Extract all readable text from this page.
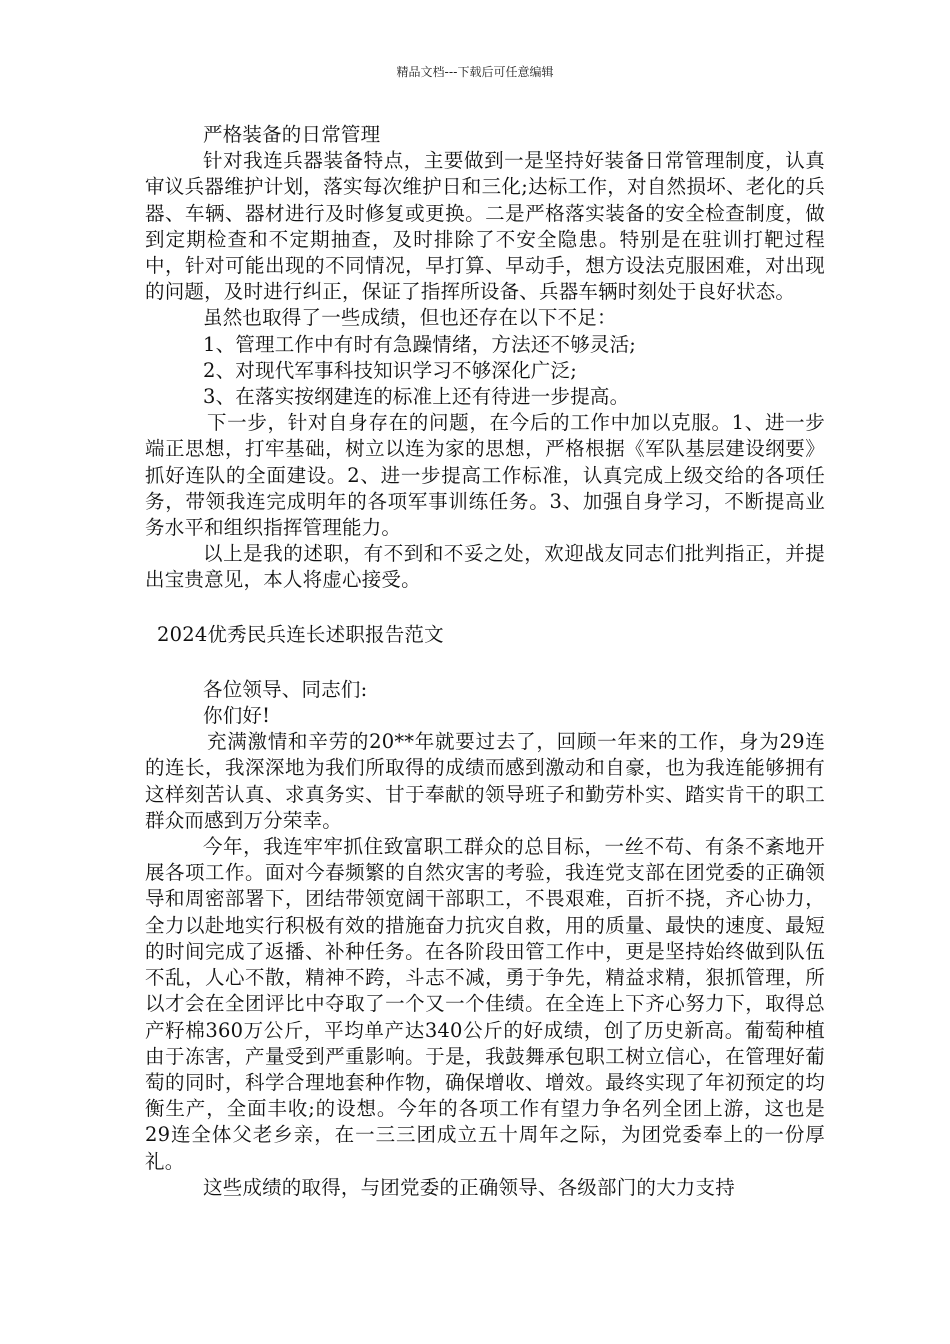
精品文档---下载后可任意编辑

严格装备的日常管理

针对我连兵器装备特点，主要做到一是坚持好装备日常管理制度，认真审议兵器维护计划，落实每次维护日和三化;达标工作，对自然损坏、老化的兵器、车辆、器材进行及时修复或更换。二是严格落实装备的安全检查制度，做到定期检查和不定期抽查，及时排除了不安全隐患。特别是在驻训打靶过程中，针对可能出现的不同情况，早打算、早动手，想方设法克服困难，对出现的问题，及时进行纠正，保证了指挥所设备、兵器车辆时刻处于良好状态。

虽然也取得了一些成绩，但也还存在以下不足：

1、管理工作中有时有急躁情绪，方法还不够灵活;

2、对现代军事科技知识学习不够深化广泛;

3、在落实按纲建连的标准上还有待进一步提高。

下一步，针对自身存在的问题，在今后的工作中加以克服。1、进一步端正思想，打牢基础，树立以连为家的思想，严格根据《军队基层建设纲要》抓好连队的全面建设。2、进一步提高工作标准，认真完成上级交给的各项任务，带领我连完成明年的各项军事训练任务。3、加强自身学习，不断提高业务水平和组织指挥管理能力。

以上是我的述职，有不到和不妥之处，欢迎战友同志们批判指正，并提出宝贵意见，本人将虚心接受。

2024优秀民兵连长述职报告范文

各位领导、同志们:

你们好!

充满激情和辛劳的20**年就要过去了，回顾一年来的工作，身为29连的连长，我深深地为我们所取得的成绩而感到激动和自豪，也为我连能够拥有这样刻苦认真、求真务实、甘于奉献的领导班子和勤劳朴实、踏实肯干的职工群众而感到万分荣幸。

今年，我连牢牢抓住致富职工群众的总目标，一丝不苟、有条不紊地开展各项工作。面对今春频繁的自然灾害的考验，我连党支部在团党委的正确领导和周密部署下，团结带领宽阔干部职工，不畏艰难，百折不挠，齐心协力，全力以赴地实行积极有效的措施奋力抗灾自救，用的质量、最快的速度、最短的时间完成了返播、补种任务。在各阶段田管工作中，更是坚持始终做到队伍不乱，人心不散，精神不跨，斗志不减，勇于争先，精益求精，狠抓管理，所以才会在全团评比中夺取了一个又一个佳绩。在全连上下齐心努力下，取得总产籽棉360万公斤，平均单产达340公斤的好成绩，创了历史新高。葡萄种植由于冻害，产量受到严重影响。于是，我鼓舞承包职工树立信心，在管理好葡萄的同时，科学合理地套种作物，确保增收、增效。最终实现了年初预定的均衡生产，全面丰收;的设想。今年的各项工作有望力争名列全团上游，这也是29连全体父老乡亲，在一三三团成立五十周年之际，为团党委奉上的一份厚礼。

这些成绩的取得，与团党委的正确领导、各级部门的大力支持
